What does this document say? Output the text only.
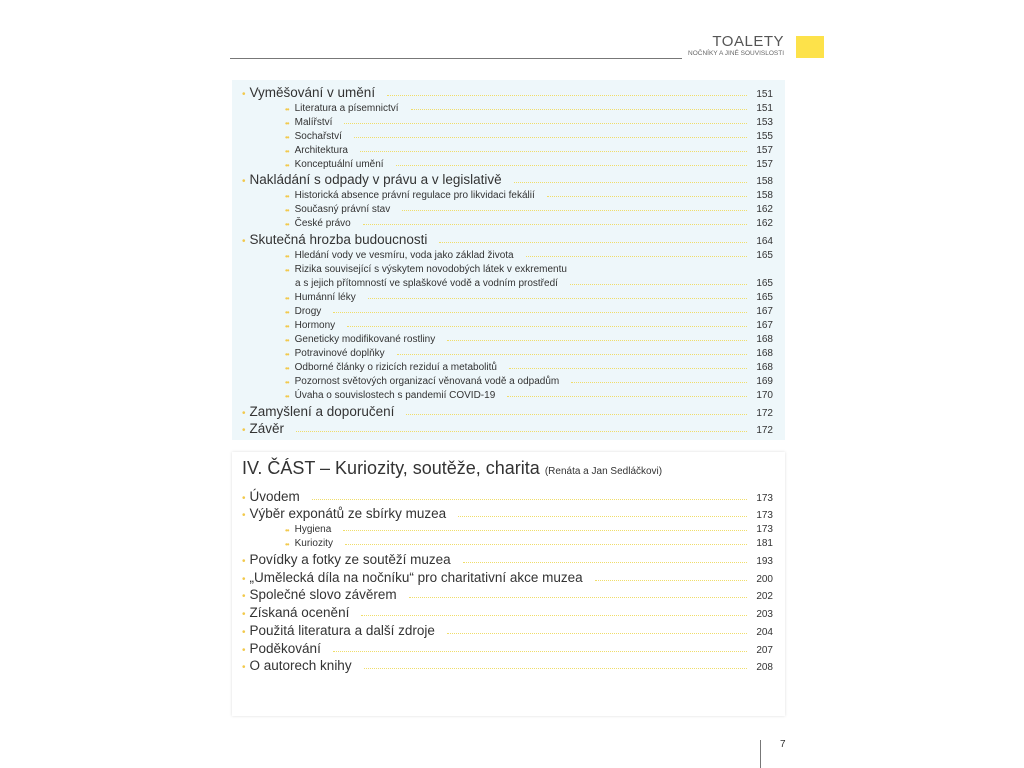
TOALETY
NOČNÍKY A JINÉ SOUVISLOSTI
• Vyměšování v umění	151
•• Literatura a písemnictví	151
•• Malířství	153
•• Sochařství	155
•• Architektura	157
•• Konceptuální umění	157
• Nakládání s odpady v právu a v legislativě	158
•• Historická absence právní regulace pro likvidaci fekálií	158
•• Současný právní stav	162
•• České právo	162
• Skutečná hrozba budoucnosti	164
•• Hledání vody ve vesmíru, voda jako základ života	165
•• Rizika související s výskytem novodobých látek v exkrementu
a s jejich přítomností ve splaškové vodě a vodním prostředí	165
•• Humánní léky	165
•• Drogy	167
•• Hormony	167
•• Geneticky modifikované rostliny	168
•• Potravinové doplňky	168
•• Odborné články o rizicích reziduí a metabolitů	168
•• Pozornost světových organizací věnovaná vodě a odpadům	169
•• Úvaha o souvislostech s pandemií COVID-19	170
• Zamyšlení a doporučení	172
• Závěr	172
IV. ČÁST – Kuriozity, soutěže, charita (Renáta a Jan Sedláčkovi)
• Úvodem	173
• Výběr exponátů ze sbírky muzea	173
•• Hygiena	173
•• Kuriozity	181
• Povídky a fotky ze soutěží muzea	193
• „Umělecká díla na nočníku“ pro charitativní akce muzea	200
• Společné slovo závěrem	202
• Získaná ocenění	203
• Použitá literatura a další zdroje	204
• Poděkování	207
• O autorech knihy	208
7
